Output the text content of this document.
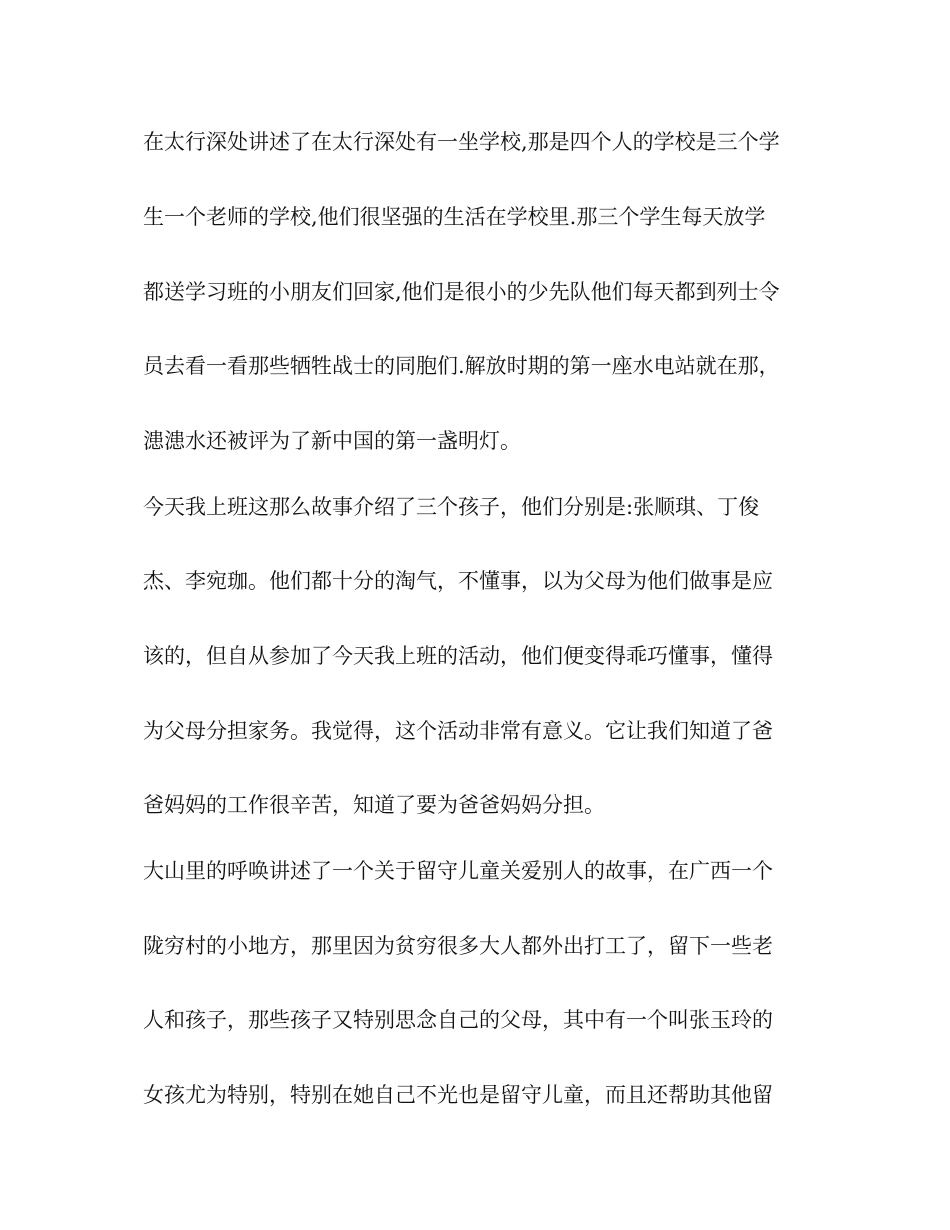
在太行深处讲述了在太行深处有一坐学校,那是四个人的学校是三个学
生一个老师的学校,他们很坚强的生活在学校里.那三个学生每天放学
都送学习班的小朋友们回家,他们是很小的少先队他们每天都到列士令
员去看一看那些牺牲战士的同胞们.解放时期的第一座水电站就在那，
漶漶水还被评为了新中国的第一盏明灯。
今天我上班这那么故事介绍了三个孩子，他们分别是:张顺琪、丁俊
杰、李宛珈。他们都十分的淘气，不懂事，以为父母为他们做事是应
该的，但自从参加了今天我上班的活动，他们便变得乖巧懂事，懂得
为父母分担家务。我觉得，这个活动非常有意义。它让我们知道了爸
爸妈妈的工作很辛苦，知道了要为爸爸妈妈分担。
大山里的呼唤讲述了一个关于留守儿童关爱别人的故事，在广西一个
陇穷村的小地方，那里因为贫穷很多大人都外出打工了，留下一些老
人和孩子，那些孩子又特别思念自己的父母，其中有一个叫张玉玲的
女孩尤为特别，特别在她自己不光也是留守儿童，而且还帮助其他留
